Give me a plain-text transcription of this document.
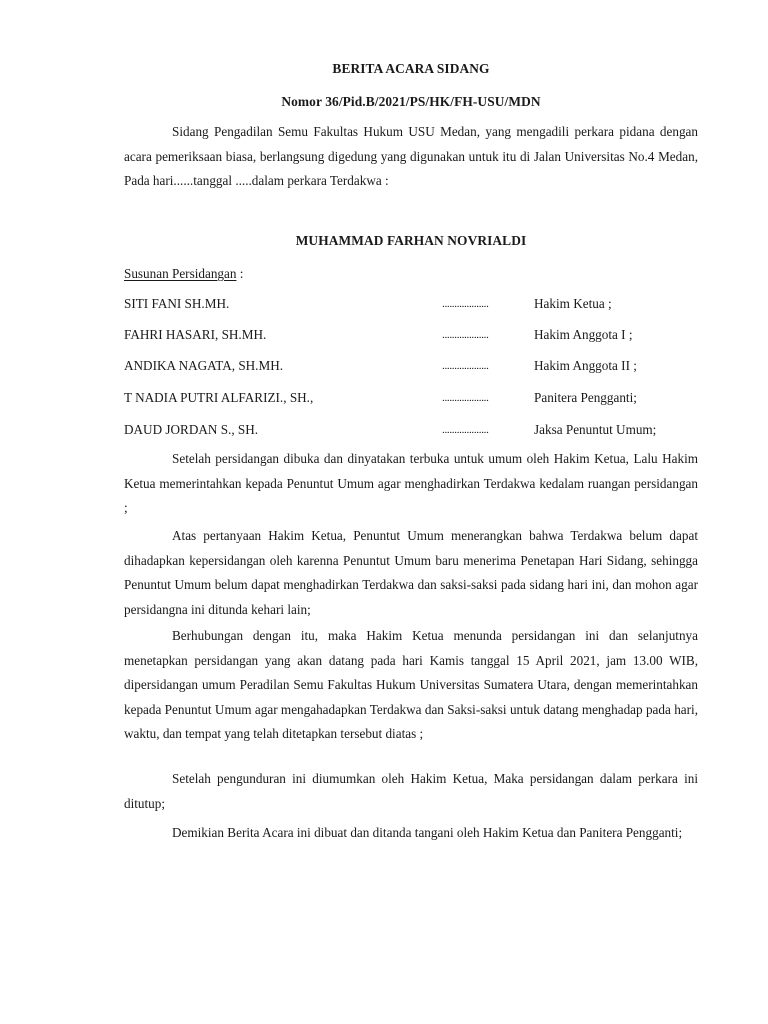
BERITA ACARA SIDANG
Nomor 36/Pid.B/2021/PS/HK/FH-USU/MDN
Sidang Pengadilan Semu Fakultas Hukum USU Medan, yang mengadili perkara pidana dengan acara pemeriksaan biasa, berlangsung digedung yang digunakan untuk itu di Jalan Universitas No.4 Medan, Pada hari......tanggal .....dalam perkara Terdakwa :
MUHAMMAD FARHAN NOVRIALDI
Susunan Persidangan :
SITI FANI SH.MH.	...................	Hakim Ketua ;
FAHRI HASARI, SH.MH.	...................	Hakim Anggota I ;
ANDIKA NAGATA, SH.MH.	...................	Hakim Anggota II ;
T NADIA PUTRI ALFARIZI., SH.,	...................	Panitera Pengganti;
DAUD JORDAN S., SH.	...................	Jaksa Penuntut Umum;
Setelah persidangan dibuka dan dinyatakan terbuka untuk umum oleh Hakim Ketua, Lalu Hakim Ketua memerintahkan kepada Penuntut Umum agar menghadirkan Terdakwa kedalam ruangan persidangan ;
Atas pertanyaan Hakim Ketua, Penuntut Umum menerangkan bahwa Terdakwa belum dapat dihadapkan kepersidangan oleh karenna Penuntut Umum baru menerima Penetapan Hari Sidang, sehingga Penuntut Umum belum dapat menghadirkan Terdakwa dan saksi-saksi pada sidang hari ini, dan mohon agar persidangna ini ditunda kehari lain;
Berhubungan dengan itu, maka Hakim Ketua menunda persidangan ini dan selanjutnya menetapkan persidangan yang akan datang pada hari Kamis tanggal 15 April 2021, jam 13.00 WIB, dipersidangan umum Peradilan Semu Fakultas Hukum Universitas Sumatera Utara, dengan memerintahkan kepada Penuntut Umum agar mengahadapkan Terdakwa dan Saksi-saksi untuk datang menghadap pada hari, waktu, dan tempat yang telah ditetapkan tersebut diatas ;
Setelah pengunduran ini diumumkan oleh Hakim Ketua, Maka persidangan dalam perkara ini ditutup;
Demikian Berita Acara ini dibuat dan ditanda tangani oleh Hakim Ketua dan Panitera Pengganti;
